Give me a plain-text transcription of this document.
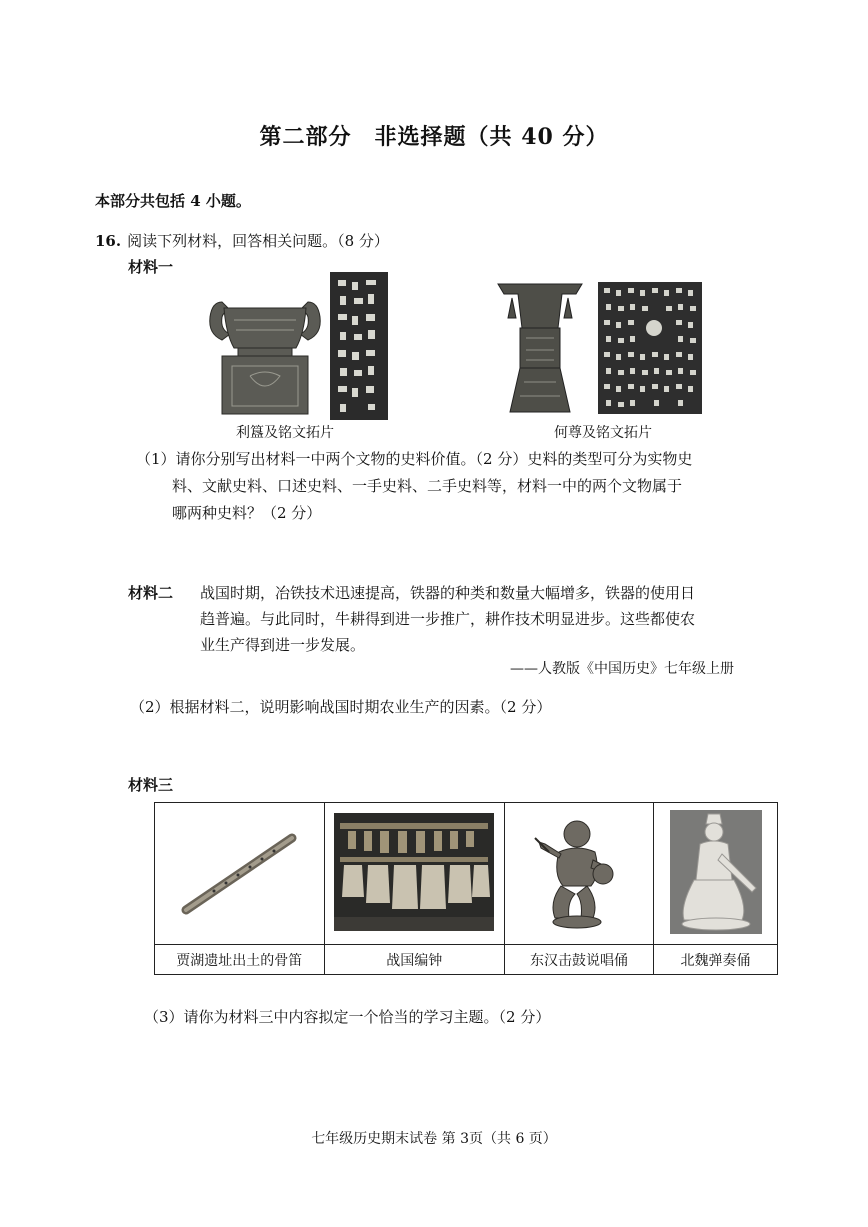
第二部分　非选择题（共 40 分）
本部分共包括 4 小题。
16. 阅读下列材料，回答相关问题。（8 分）
材料一
利簋及铭文拓片	何尊及铭文拓片
（1）请你分别写出材料一中两个文物的史料价值。（2 分）史料的类型可分为实物史
料、文献史料、口述史料、一手史料、二手史料等，材料一中的两个文物属于
哪两种史料？（2 分）
材料二 战国时期，冶铁技术迅速提高，铁器的种类和数量大幅增多，铁器的使用日
趋普遍。与此同时，牛耕得到进一步推广，耕作技术明显进步。这些都使农
业生产得到进一步发展。
——人教版《中国历史》七年级上册
（2）根据材料二，说明影响战国时期农业生产的因素。（2 分）
材料三

贾湖遗址出土的骨笛	战国编钟	东汉击鼓说唱俑	北魏弹奏俑
（3）请你为材料三中内容拟定一个恰当的学习主题。（2 分）
七年级历史期末试卷 第 3页（共 6 页）
